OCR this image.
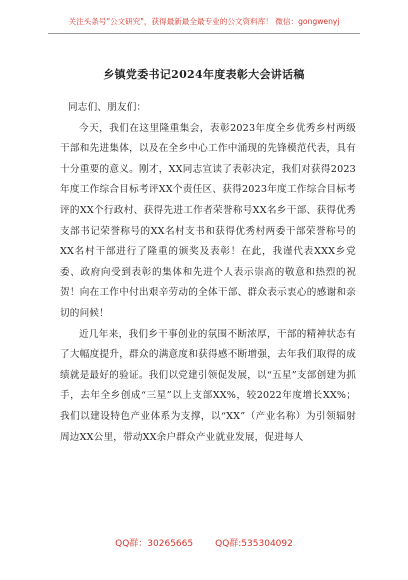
关注头条号"公文研究"，获得最新最全最专业的公文资料库！ 微信：gongwenyj
乡镇党委书记2024年度表彰大会讲话稿

同志们、朋友们：

今天，我们在这里隆重集会，表彰2023年度全乡优秀乡村两级干部和先进集体，以及在全乡中心工作中涌现的先锋模范代表，具有十分重要的意义。刚才，XX同志宣读了表彰决定，我们对获得2023年度工作综合目标考评XX个责任区、获得2023年度工作综合目标考评的XX个行政村、获得先进工作者荣誉称号XX名乡干部、获得优秀支部书记荣誉称号的XX名村支书和获得优秀村两委干部荣誉称号的XX名村干部进行了隆重的颁奖及表彰！在此，我谨代表XXX乡党委、政府向受到表彰的集体和先进个人表示崇高的敬意和热烈的祝贺！向在工作中付出艰辛劳动的全体干部、群众表示衷心的感谢和亲切的问候！

近几年来，我们乡干事创业的氛围不断浓厚，干部的精神状态有了大幅度提升，群众的满意度和获得感不断增强，去年我们取得的成绩就是最好的验证。我们以党建引领促发展，以“五星”支部创建为抓手，去年全乡创成“三星”以上支部XX%，较2022年度增长XX%；我们以建设特色产业体系为支撑，以“XX”（产业名称）为引领辐射周边XX公里，带动XX余户群众产业就业发展，促进每人

QQ群：30265665 QQ群:535304092
